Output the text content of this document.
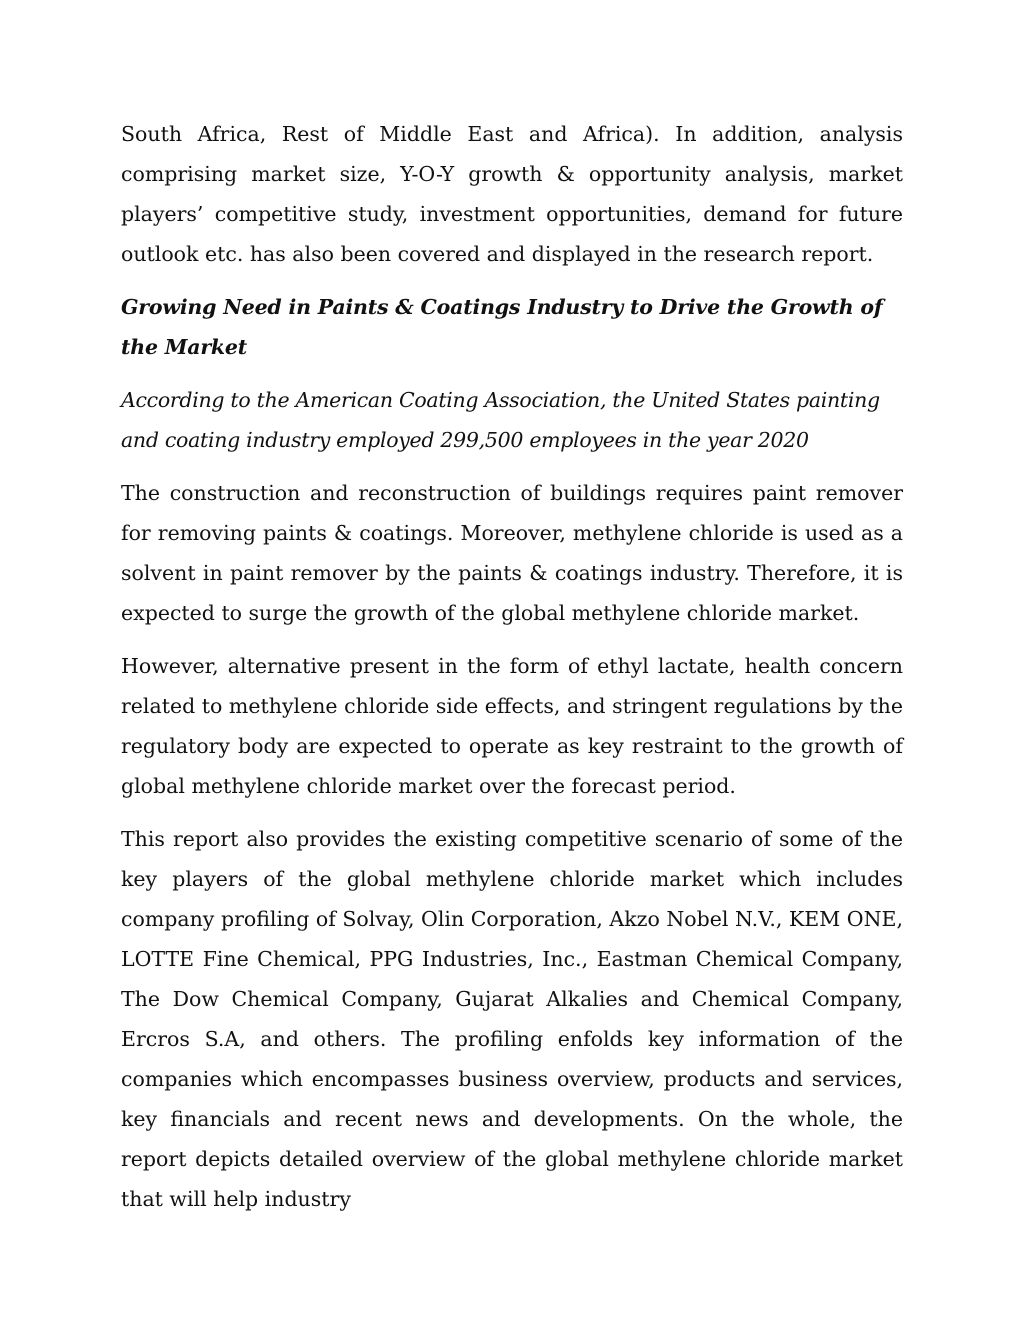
South Africa, Rest of Middle East and Africa). In addition, analysis comprising market size, Y-O-Y growth & opportunity analysis, market players’ competitive study, investment opportunities, demand for future outlook etc. has also been covered and displayed in the research report.

Growing Need in Paints & Coatings Industry to Drive the Growth of the Market

According to the American Coating Association, the United States painting and coating industry employed 299,500 employees in the year 2020

The construction and reconstruction of buildings requires paint remover for removing paints & coatings. Moreover, methylene chloride is used as a solvent in paint remover by the paints & coatings industry. Therefore, it is expected to surge the growth of the global methylene chloride market.

However, alternative present in the form of ethyl lactate, health concern related to methylene chloride side effects, and stringent regulations by the regulatory body are expected to operate as key restraint to the growth of global methylene chloride market over the forecast period.

This report also provides the existing competitive scenario of some of the key players of the global methylene chloride market which includes company profiling of Solvay, Olin Corporation, Akzo Nobel N.V., KEM ONE, LOTTE Fine Chemical, PPG Industries, Inc., Eastman Chemical Company, The Dow Chemical Company, Gujarat Alkalies and Chemical Company, Ercros S.A, and others. The profiling enfolds key information of the companies which encompasses business overview, products and services, key financials and recent news and developments. On the whole, the report depicts detailed overview of the global methylene chloride market that will help industry
